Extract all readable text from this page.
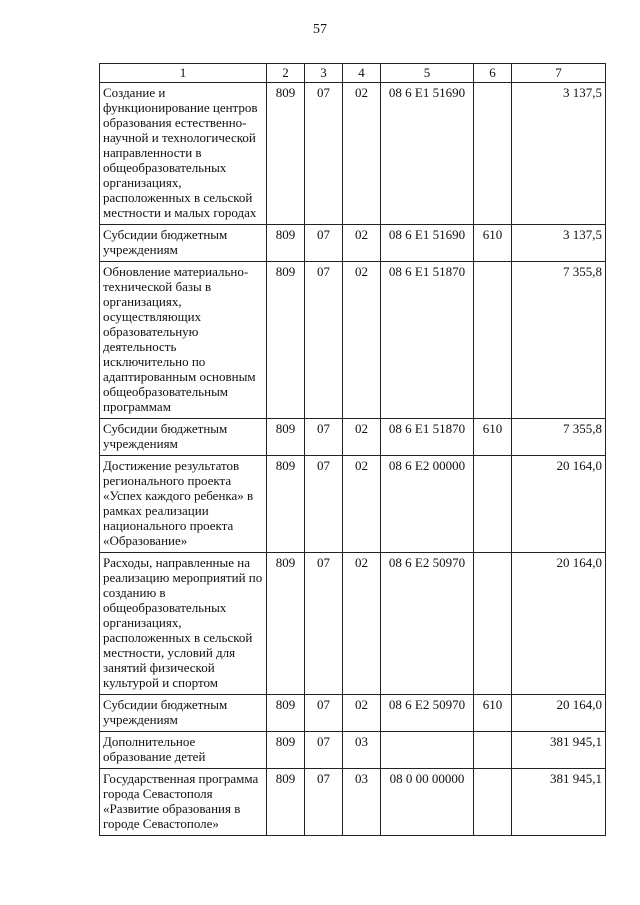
57
1	2	3	4	5	6	7
Создание и функционирование центров образования естественно-научной и технологической направленности в общеобразовательных организациях, расположенных в сельской местности и малых городах	809	07	02	08 6 E1 51690		3 137,5
Субсидии бюджетным учреждениям	809	07	02	08 6 E1 51690	610	3 137,5
Обновление материально-технической базы в организациях, осуществляющих образовательную деятельность исключительно по адаптированным основным общеобразовательным программам	809	07	02	08 6 E1 51870		7 355,8
Субсидии бюджетным учреждениям	809	07	02	08 6 E1 51870	610	7 355,8
Достижение результатов регионального проекта «Успех каждого ребенка» в рамках реализации национального проекта «Образование»	809	07	02	08 6 E2 00000		20 164,0
Расходы, направленные на реализацию мероприятий по созданию в общеобразовательных организациях, расположенных в сельской местности, условий для занятий физической культурой и спортом	809	07	02	08 6 E2 50970		20 164,0
Субсидии бюджетным учреждениям	809	07	02	08 6 E2 50970	610	20 164,0
Дополнительное образование детей	809	07	03			381 945,1
Государственная программа города Севастополя «Развитие образования в городе Севастополе»	809	07	03	08 0 00 00000		381 945,1
